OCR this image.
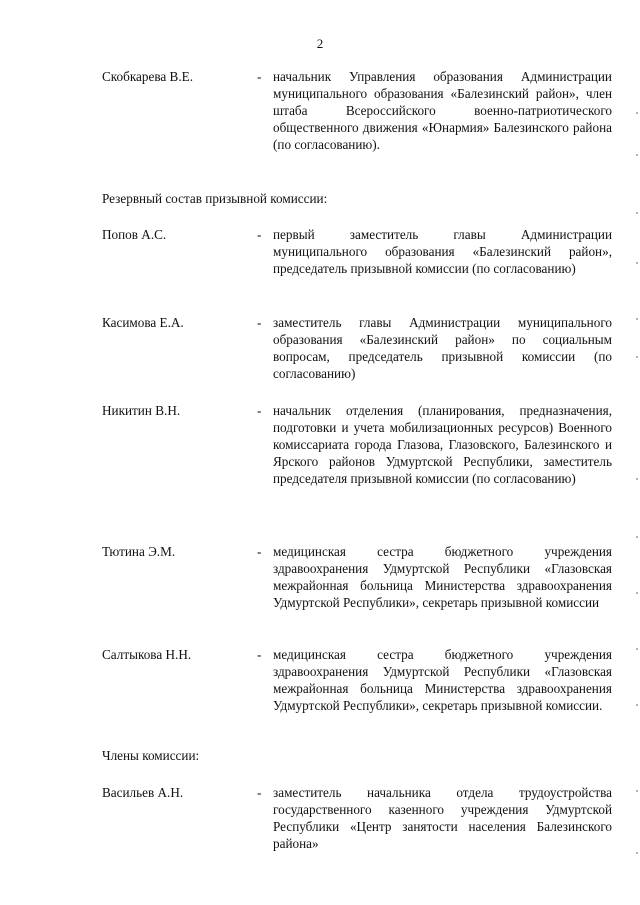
2
Скобкарева В.Е.	- начальник Управления образования Администрации муниципального образования «Балезинский район», член штаба Всероссийского военно-патриотического общественного движения «Юнармия» Балезинского района (по согласованию).
Резервный состав призывной комиссии:
Попов А.С.	- первый заместитель главы Администрации муниципального образования «Балезинский район», председатель призывной комиссии (по согласованию)
Касимова Е.А.	- заместитель главы Администрации муниципального образования «Балезинский район» по социальным вопросам, председатель призывной комиссии (по согласованию)
Никитин В.Н.	- начальник отделения (планирования, предназначения, подготовки и учета мобилизационных ресурсов) Военного комиссариата города Глазова, Глазовского, Балезинского и Ярского районов Удмуртской Республики, заместитель председателя призывной комиссии (по согласованию)
Тютина Э.М.	- медицинская сестра бюджетного учреждения здравоохранения Удмуртской Республики «Глазовская межрайонная больница Министерства здравоохранения Удмуртской Республики», секретарь призывной комиссии
Салтыкова Н.Н.	- медицинская сестра бюджетного учреждения здравоохранения Удмуртской Республики «Глазовская межрайонная больница Министерства здравоохранения Удмуртской Республики», секретарь призывной комиссии.
Члены комиссии:
Васильев А.Н.	- заместитель начальника отдела трудоустройства государственного казенного учреждения Удмуртской Республики «Центр занятости населения Балезинского района»
